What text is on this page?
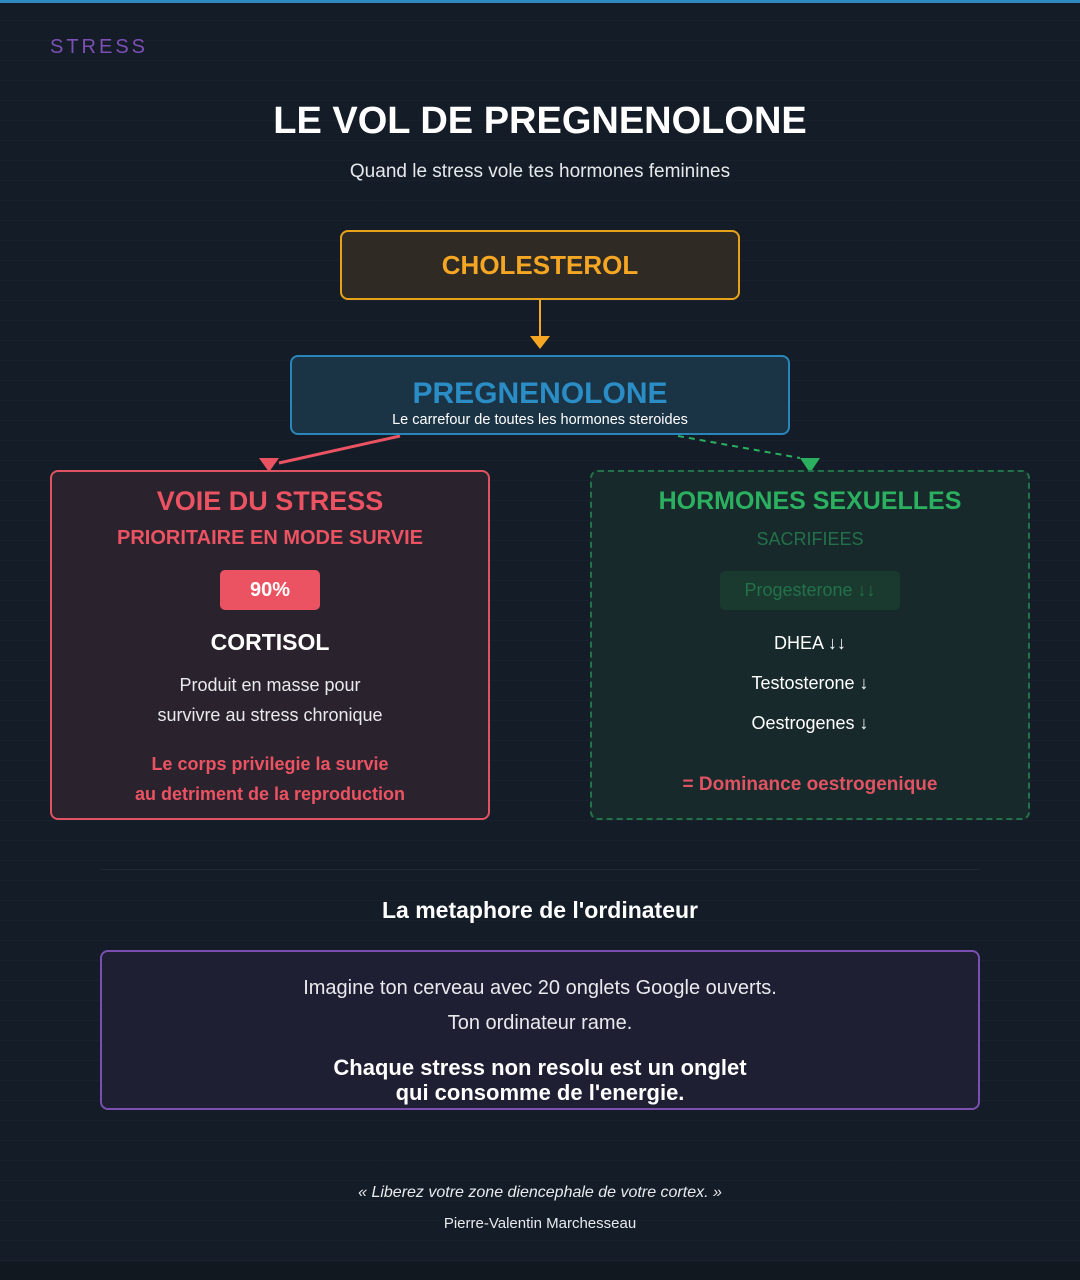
STRESS
LE VOL DE PREGNENOLONE
Quand le stress vole tes hormones feminines
CHOLESTEROL
PREGNENOLONE
Le carrefour de toutes les hormones steroides
VOIE DU STRESS
PRIORITAIRE EN MODE SURVIE
90%
CORTISOL
Produit en masse pour
survivre au stress chronique
Le corps privilegie la survie
au detriment de la reproduction
HORMONES SEXUELLES
SACRIFIEES
Progesterone ↓↓
DHEA ↓↓
Testosterone ↓
Oestrogenes ↓
= Dominance oestrogenique
La metaphore de l'ordinateur
Imagine ton cerveau avec 20 onglets Google ouverts.
Ton ordinateur rame.
Chaque stress non resolu est un onglet
qui consomme de l'energie.
« Liberez votre zone diencephale de votre cortex. »
Pierre-Valentin Marchesseau
